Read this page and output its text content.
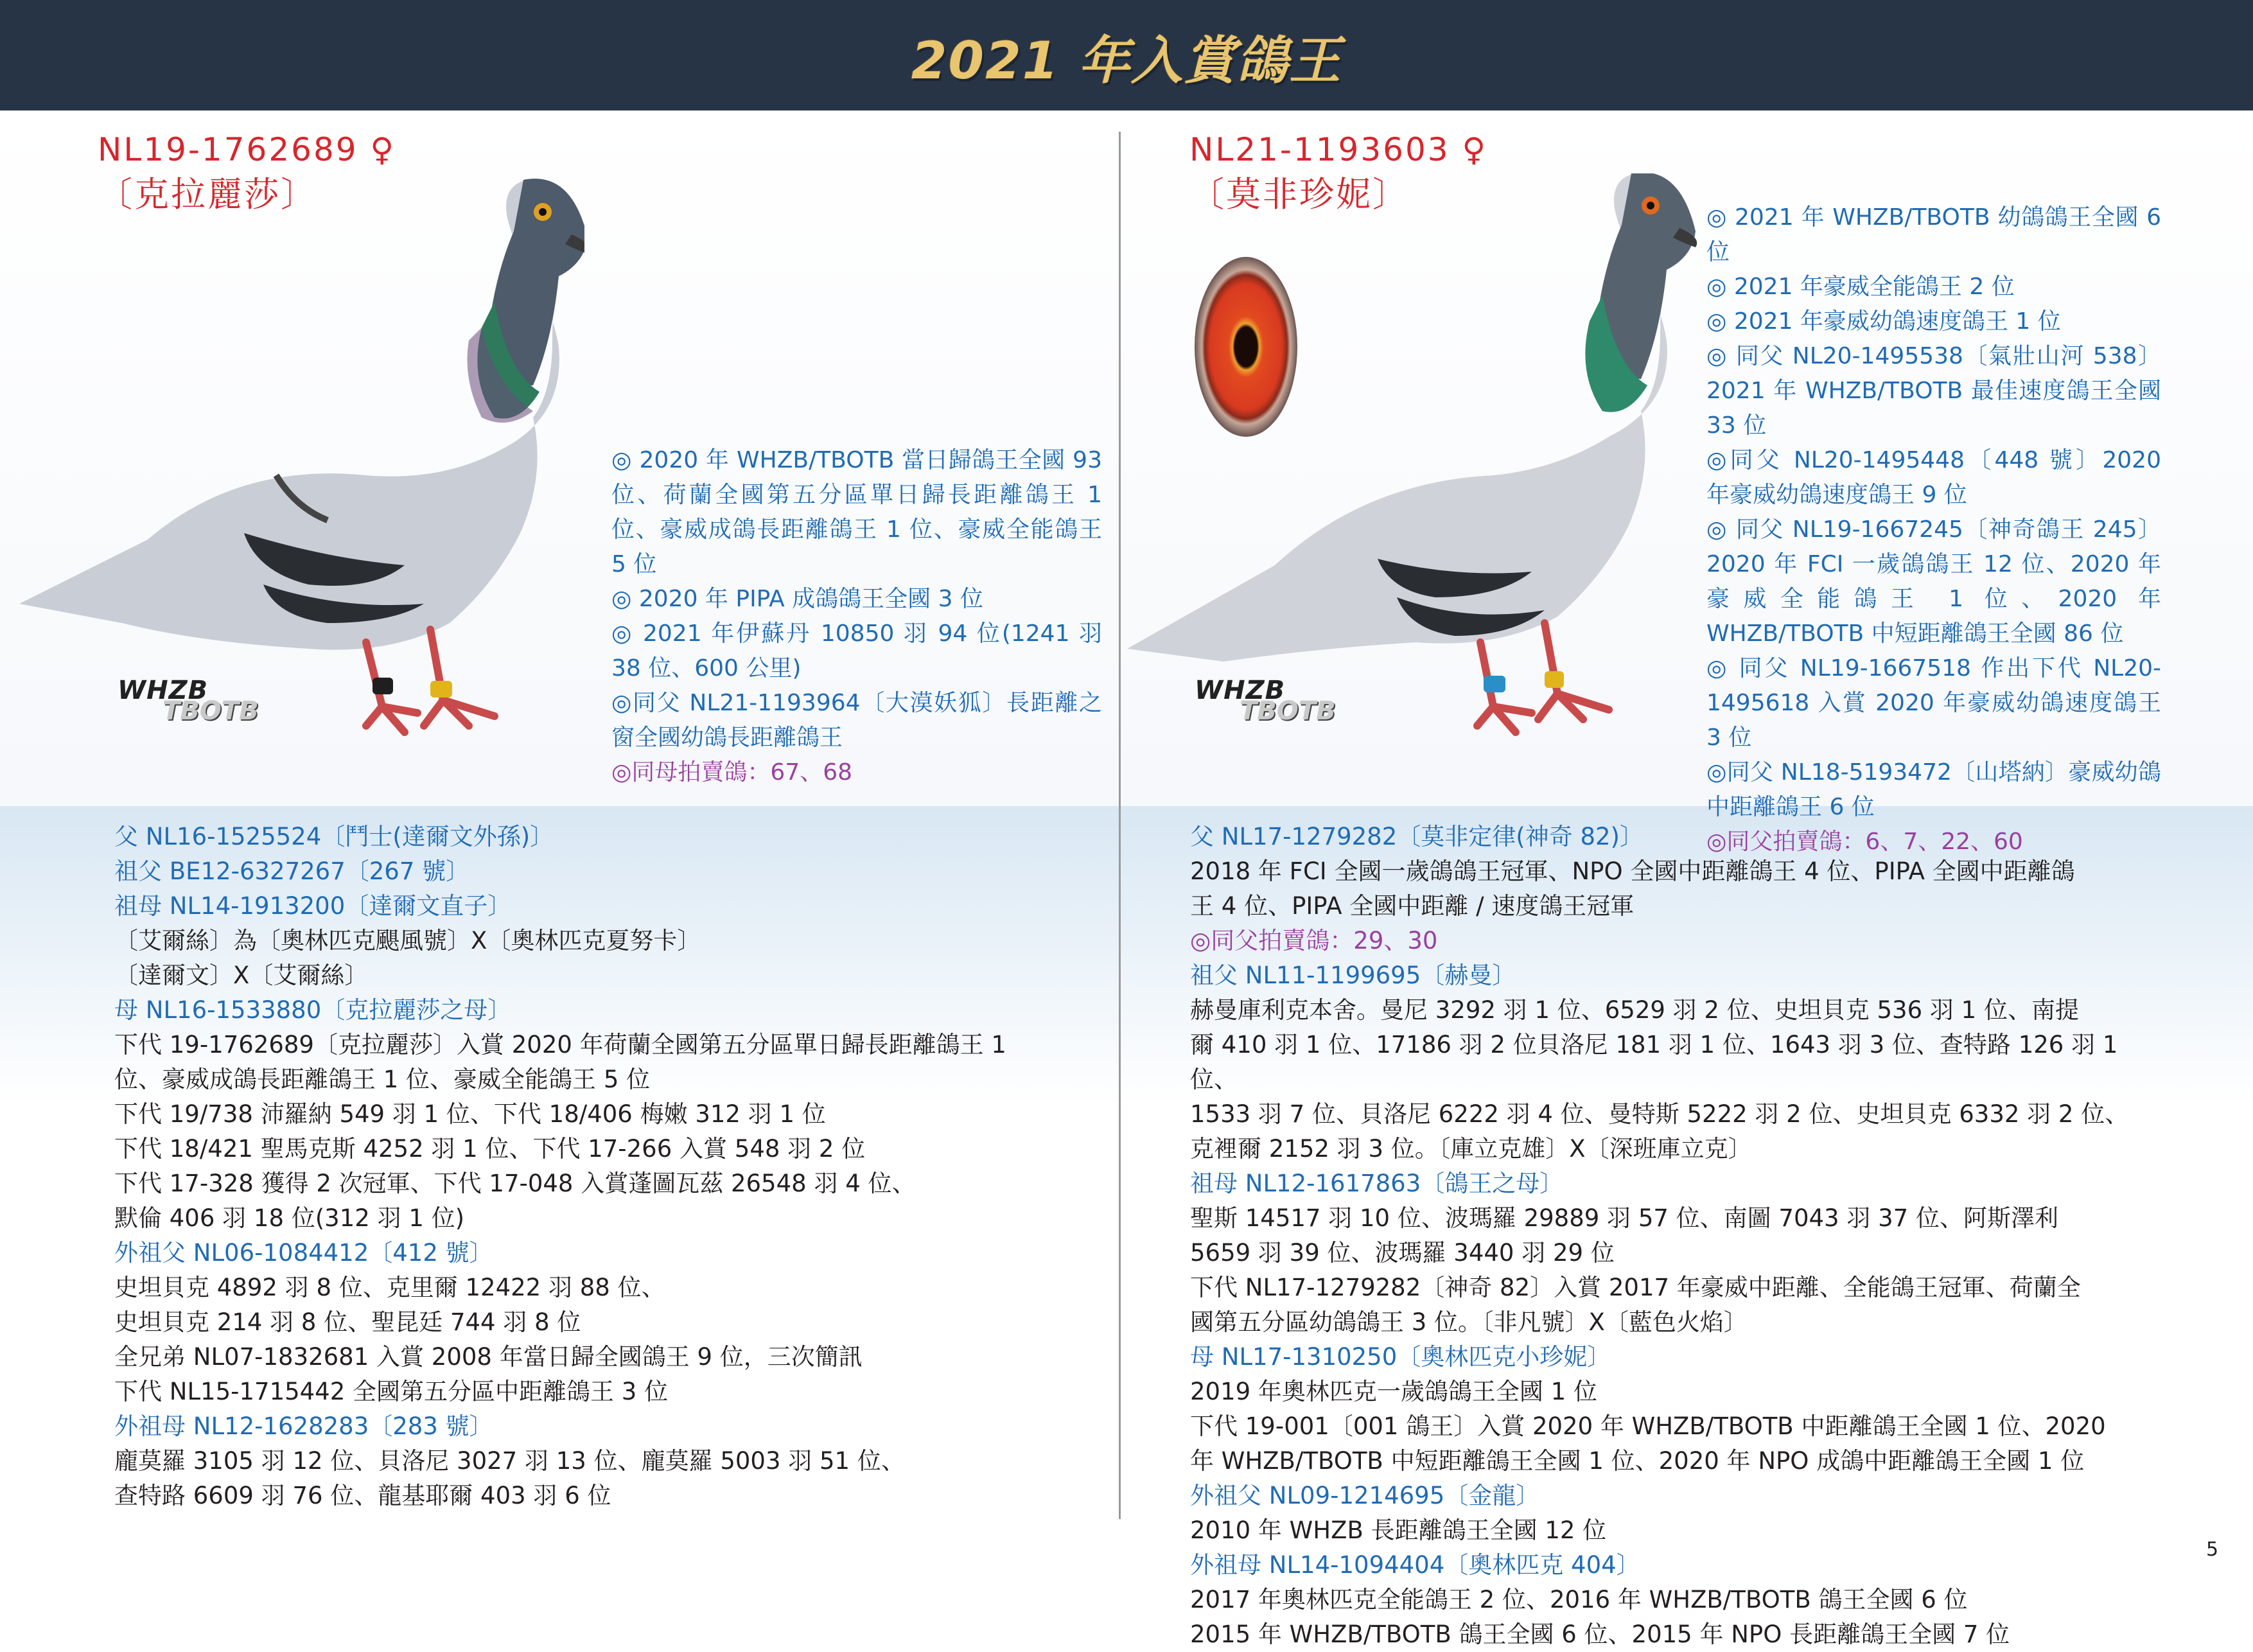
2021 年入賞鴿王
NL19-1762689 ♀
〔克拉麗莎〕
WHZB
TBOTB
◎ 2020 年 WHZB/TBOTB 當日歸鴿王全國 93 位、荷蘭全國第五分區單日歸長距離鴿王 1 位、豪威成鴿長距離鴿王 1 位、豪威全能鴿王 5 位
◎ 2020 年 PIPA 成鴿鴿王全國 3 位
◎ 2021 年伊蘇丹 10850 羽 94 位(1241 羽 38 位、600 公里)
◎同父 NL21-1193964〔大漠妖狐〕長距離之窗全國幼鴿長距離鴿王
◎同母拍賣鴿：67、68
NL21-1193603 ♀
〔莫非珍妮〕
WHZB
TBOTB
◎ 2021 年 WHZB/TBOTB 幼鴿鴿王全國 6 位
◎ 2021 年豪威全能鴿王 2 位
◎ 2021 年豪威幼鴿速度鴿王 1 位
◎ 同父 NL20-1495538〔氣壯山河 538〕2021 年 WHZB/TBOTB 最佳速度鴿王全國 33 位
◎同父 NL20-1495448〔448 號〕2020 年豪威幼鴿速度鴿王 9 位
◎ 同父 NL19-1667245〔神奇鴿王 245〕2020 年 FCI 一歲鴿鴿王 12 位、2020 年豪威全能鴿王 1 位、2020 年 WHZB/TBOTB 中短距離鴿王全國 86 位
◎ 同父 NL19-1667518 作出下代 NL20-1495618 入賞 2020 年豪威幼鴿速度鴿王 3 位
◎同父 NL18-5193472〔山塔納〕豪威幼鴿中距離鴿王 6 位
◎同父拍賣鴿：6、7、22、60
父 NL16-1525524〔鬥士(達爾文外孫)〕
祖父 BE12-6327267〔267 號〕
祖母 NL14-1913200〔達爾文直子〕
〔艾爾絲〕為〔奧林匹克颶風號〕X〔奧林匹克夏努卡〕
〔達爾文〕X〔艾爾絲〕
母 NL16-1533880〔克拉麗莎之母〕
下代 19-1762689〔克拉麗莎〕入賞 2020 年荷蘭全國第五分區單日歸長距離鴿王 1
位、豪威成鴿長距離鴿王 1 位、豪威全能鴿王 5 位
下代 19/738 沛羅納 549 羽 1 位、下代 18/406 梅嫩 312 羽 1 位
下代 18/421 聖馬克斯 4252 羽 1 位、下代 17-266 入賞 548 羽 2 位
下代 17-328 獲得 2 次冠軍、下代 17-048 入賞蓬圖瓦茲 26548 羽 4 位、
默倫 406 羽 18 位(312 羽 1 位)
外祖父 NL06-1084412〔412 號〕
史坦貝克 4892 羽 8 位、克里爾 12422 羽 88 位、
史坦貝克 214 羽 8 位、聖昆廷 744 羽 8 位
全兄弟 NL07-1832681 入賞 2008 年當日歸全國鴿王 9 位，三次簡訊
下代 NL15-1715442 全國第五分區中距離鴿王 3 位
外祖母 NL12-1628283〔283 號〕
龐莫羅 3105 羽 12 位、貝洛尼 3027 羽 13 位、龐莫羅 5003 羽 51 位、
查特路 6609 羽 76 位、龍基耶爾 403 羽 6 位
父 NL17-1279282〔莫非定律(神奇 82)〕
2018 年 FCI 全國一歲鴿鴿王冠軍、NPO 全國中距離鴿王 4 位、PIPA 全國中距離鴿
王 4 位、PIPA 全國中距離 / 速度鴿王冠軍
◎同父拍賣鴿：29、30
祖父 NL11-1199695〔赫曼〕
赫曼庫利克本舍。曼尼 3292 羽 1 位、6529 羽 2 位、史坦貝克 536 羽 1 位、南提
爾 410 羽 1 位、17186 羽 2 位貝洛尼 181 羽 1 位、1643 羽 3 位、查特路 126 羽 1 位、
1533 羽 7 位、貝洛尼 6222 羽 4 位、曼特斯 5222 羽 2 位、史坦貝克 6332 羽 2 位、
克裡爾 2152 羽 3 位。〔庫立克雄〕X〔深班庫立克〕
祖母 NL12-1617863〔鴿王之母〕
聖斯 14517 羽 10 位、波瑪羅 29889 羽 57 位、南圖 7043 羽 37 位、阿斯澤利
5659 羽 39 位、波瑪羅 3440 羽 29 位
下代 NL17-1279282〔神奇 82〕入賞 2017 年豪威中距離、全能鴿王冠軍、荷蘭全
國第五分區幼鴿鴿王 3 位。〔非凡號〕X〔藍色火焰〕
母 NL17-1310250〔奧林匹克小珍妮〕
2019 年奧林匹克一歲鴿鴿王全國 1 位
下代 19-001〔001 鴿王〕入賞 2020 年 WHZB/TBOTB 中距離鴿王全國 1 位、2020
年 WHZB/TBOTB 中短距離鴿王全國 1 位、2020 年 NPO 成鴿中距離鴿王全國 1 位
外祖父 NL09-1214695〔金龍〕
2010 年 WHZB 長距離鴿王全國 12 位
外祖母 NL14-1094404〔奧林匹克 404〕
2017 年奧林匹克全能鴿王 2 位、2016 年 WHZB/TBOTB 鴿王全國 6 位
2015 年 WHZB/TBOTB 鴿王全國 6 位、2015 年 NPO 長距離鴿王全國 7 位
5
